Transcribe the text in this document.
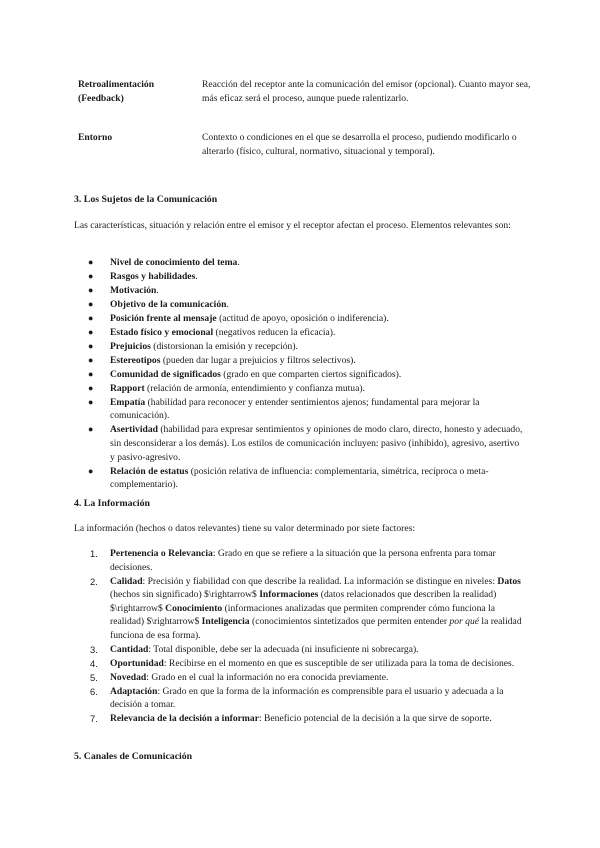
Retroalimentación
(Feedback)
Reacción del receptor ante la comunicación del emisor (opcional). Cuanto mayor sea, más eficaz será el proceso, aunque puede ralentizarlo.
Entorno	Contexto o condiciones en el que se desarrolla el proceso, pudiendo modificarlo o alterarlo (físico, cultural, normativo, situacional y temporal).
3. Los Sujetos de la Comunicación

Las características, situación y relación entre el emisor y el receptor afectan el proceso. Elementos relevantes son:

● Nivel de conocimiento del tema.
● Rasgos y habilidades.
● Motivación.
● Objetivo de la comunicación.
● Posición frente al mensaje (actitud de apoyo, oposición o indiferencia).
● Estado físico y emocional (negativos reducen la eficacia).
● Prejuicios (distorsionan la emisión y recepción).
● Estereotipos (pueden dar lugar a prejuicios y filtros selectivos).
● Comunidad de significados (grado en que comparten ciertos significados).
● Rapport (relación de armonía, entendimiento y confianza mutua).
● Empatía (habilidad para reconocer y entender sentimientos ajenos; fundamental para mejorar la comunicación).
● Asertividad (habilidad para expresar sentimientos y opiniones de modo claro, directo, honesto y adecuado, sin desconsiderar a los demás). Los estilos de comunicación incluyen: pasivo (inhibido), agresivo, asertivo y pasivo-agresivo.
● Relación de estatus (posición relativa de influencia: complementaria, simétrica, recíproca o meta-complementario).
4. La Información

La información (hechos o datos relevantes) tiene su valor determinado por siete factores:

1. Pertenencia o Relevancia: Grado en que se refiere a la situación que la persona enfrenta para tomar decisiones.
2. Calidad: Precisión y fiabilidad con que describe la realidad. La información se distingue en niveles: Datos (hechos sin significado) $\rightarrow$ Informaciones (datos relacionados que describen la realidad) $\rightarrow$ Conocimiento (informaciones analizadas que permiten comprender cómo funciona la realidad) $\rightarrow$ Inteligencia (conocimientos sintetizados que permiten entender por qué la realidad funciona de esa forma).
3. Cantidad: Total disponible, debe ser la adecuada (ni insuficiente ni sobrecarga).
4. Oportunidad: Recibirse en el momento en que es susceptible de ser utilizada para la toma de decisiones.
5. Novedad: Grado en el cual la información no era conocida previamente.
6. Adaptación: Grado en que la forma de la información es comprensible para el usuario y adecuada a la decisión a tomar.
7. Relevancia de la decisión a informar: Beneficio potencial de la decisión a la que sirve de soporte.
5. Canales de Comunicación
